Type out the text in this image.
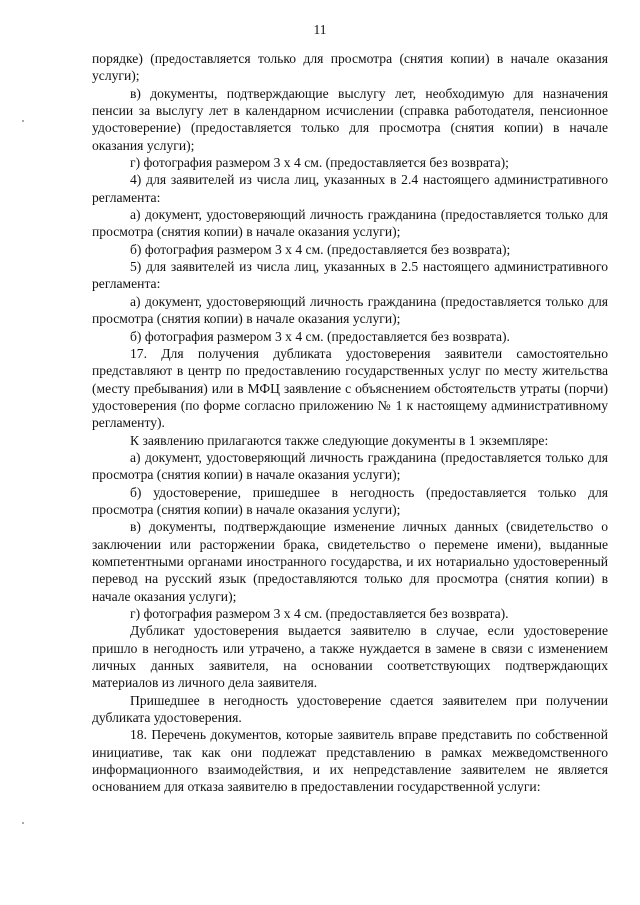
11

порядке) (предоставляется только для просмотра (снятия копии) в начале оказания услуги);

в) документы, подтверждающие выслугу лет, необходимую для назначения пенсии за выслугу лет в календарном исчислении (справка работодателя, пенсионное удостоверение) (предоставляется только для просмотра (снятия копии) в начале оказания услуги);

г) фотография размером 3 х 4 см. (предоставляется без возврата);

4) для заявителей из числа лиц, указанных в 2.4 настоящего административного регламента:

а) документ, удостоверяющий личность гражданина (предоставляется только для просмотра (снятия копии) в начале оказания услуги);

б) фотография размером 3 х 4 см. (предоставляется без возврата);

5) для заявителей из числа лиц, указанных в 2.5 настоящего административного регламента:

а) документ, удостоверяющий личность гражданина (предоставляется только для просмотра (снятия копии) в начале оказания услуги);

б) фотография размером 3 х 4 см. (предоставляется без возврата).

17. Для получения дубликата удостоверения заявители самостоятельно представляют в центр по предоставлению государственных услуг по месту жительства (месту пребывания) или в МФЦ заявление с объяснением обстоятельств утраты (порчи) удостоверения (по форме согласно приложению № 1 к настоящему административному регламенту).

К заявлению прилагаются также следующие документы в 1 экземпляре:

а) документ, удостоверяющий личность гражданина (предоставляется только для просмотра (снятия копии) в начале оказания услуги);

б) удостоверение, пришедшее в негодность (предоставляется только для просмотра (снятия копии) в начале оказания услуги);

в) документы, подтверждающие изменение личных данных (свидетельство о заключении или расторжении брака, свидетельство о перемене имени), выданные компетентными органами иностранного государства, и их нотариально удостоверенный перевод на русский язык (предоставляются только для просмотра (снятия копии) в начале оказания услуги);

г) фотография размером 3 х 4 см. (предоставляется без возврата).

Дубликат удостоверения выдается заявителю в случае, если удостоверение пришло в негодность или утрачено, а также нуждается в замене в связи с изменением личных данных заявителя, на основании соответствующих подтверждающих материалов из личного дела заявителя.

Пришедшее в негодность удостоверение сдается заявителем при получении дубликата удостоверения.

18. Перечень документов, которые заявитель вправе представить по собственной инициативе, так как они подлежат представлению в рамках межведомственного информационного взаимодействия, и их непредставление заявителем не является основанием для отказа заявителю в предоставлении государственной услуги:
